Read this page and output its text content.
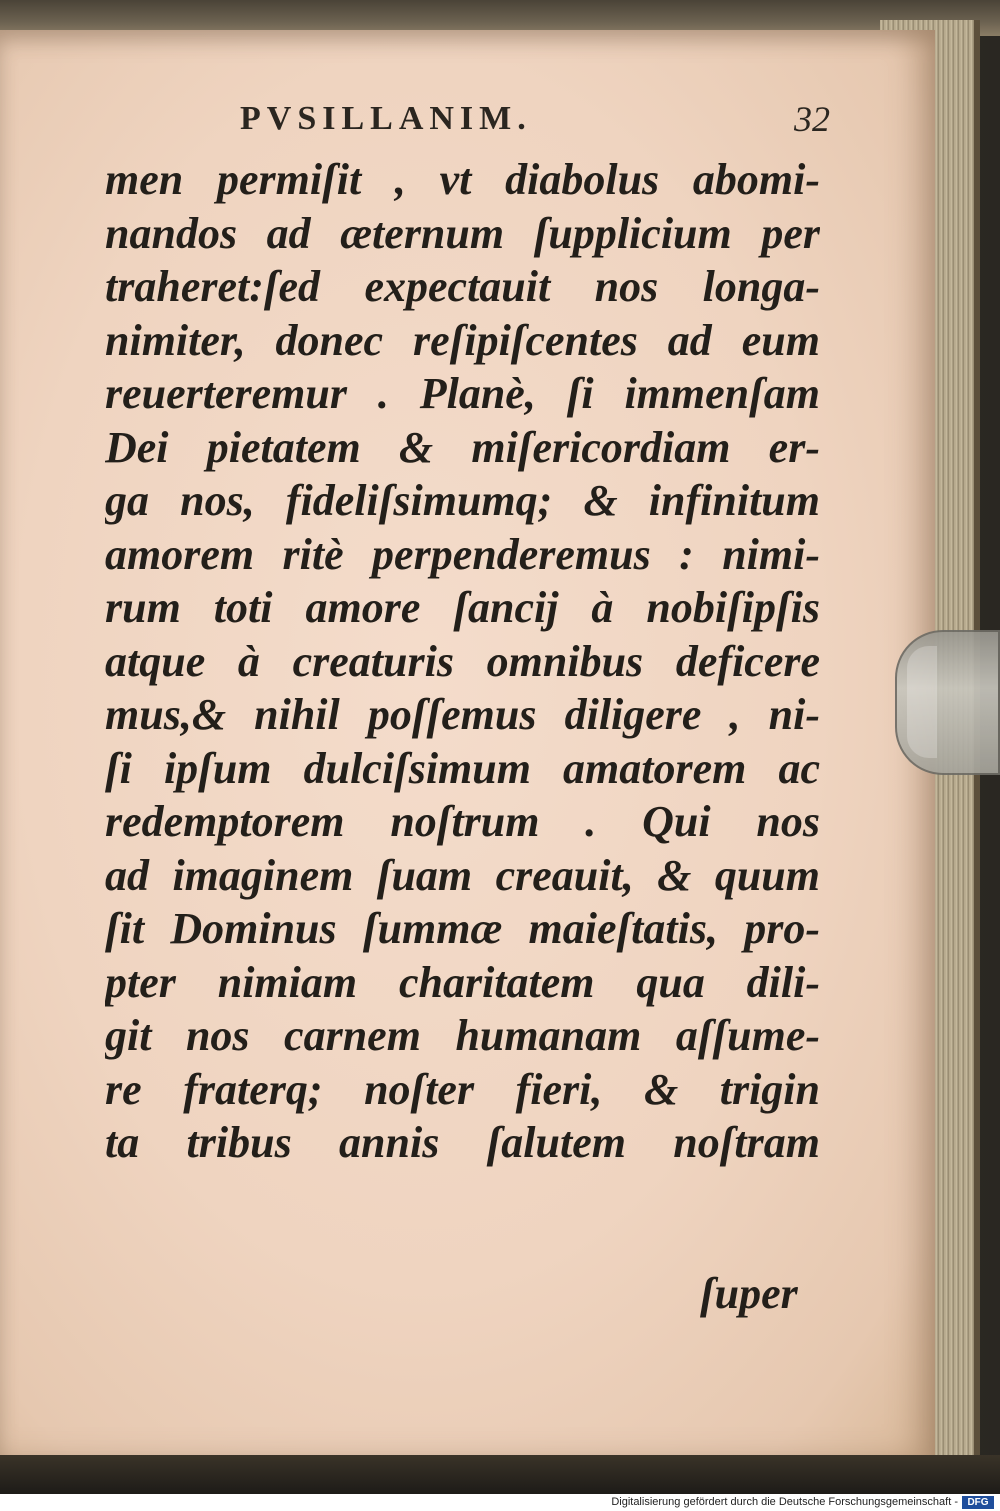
PVSILLANIM.	32
men permiſit , vt diabolus abomi-
nandos ad æternum ſupplicium per
traheret:ſed expectauit nos longa-
nimiter, donec reſipiſcentes ad eum
reuerteremur . Planè, ſi immenſam
Dei pietatem & miſericordiam er-
ga nos, fideliſsimumq; & infinitum
amorem ritè perpenderemus : nimi-
rum toti amore ſancij à nobiſipſis
atque à creaturis omnibus deficere
mus,& nihil poſſemus diligere , ni-
ſi ipſum dulciſsimum amatorem ac
redemptorem noſtrum . Qui nos
ad imaginem ſuam creauit, & quum
ſit Dominus ſummæ maieſtatis, pro-
pter nimiam charitatem qua dili-
git nos carnem humanam aſſume-
re fraterq; noſter fieri, & trigin
ta tribus annis ſalutem noſtram
ſuper
Digitalisierung gefördert durch die Deutsche Forschungsgemeinschaft - DFG
